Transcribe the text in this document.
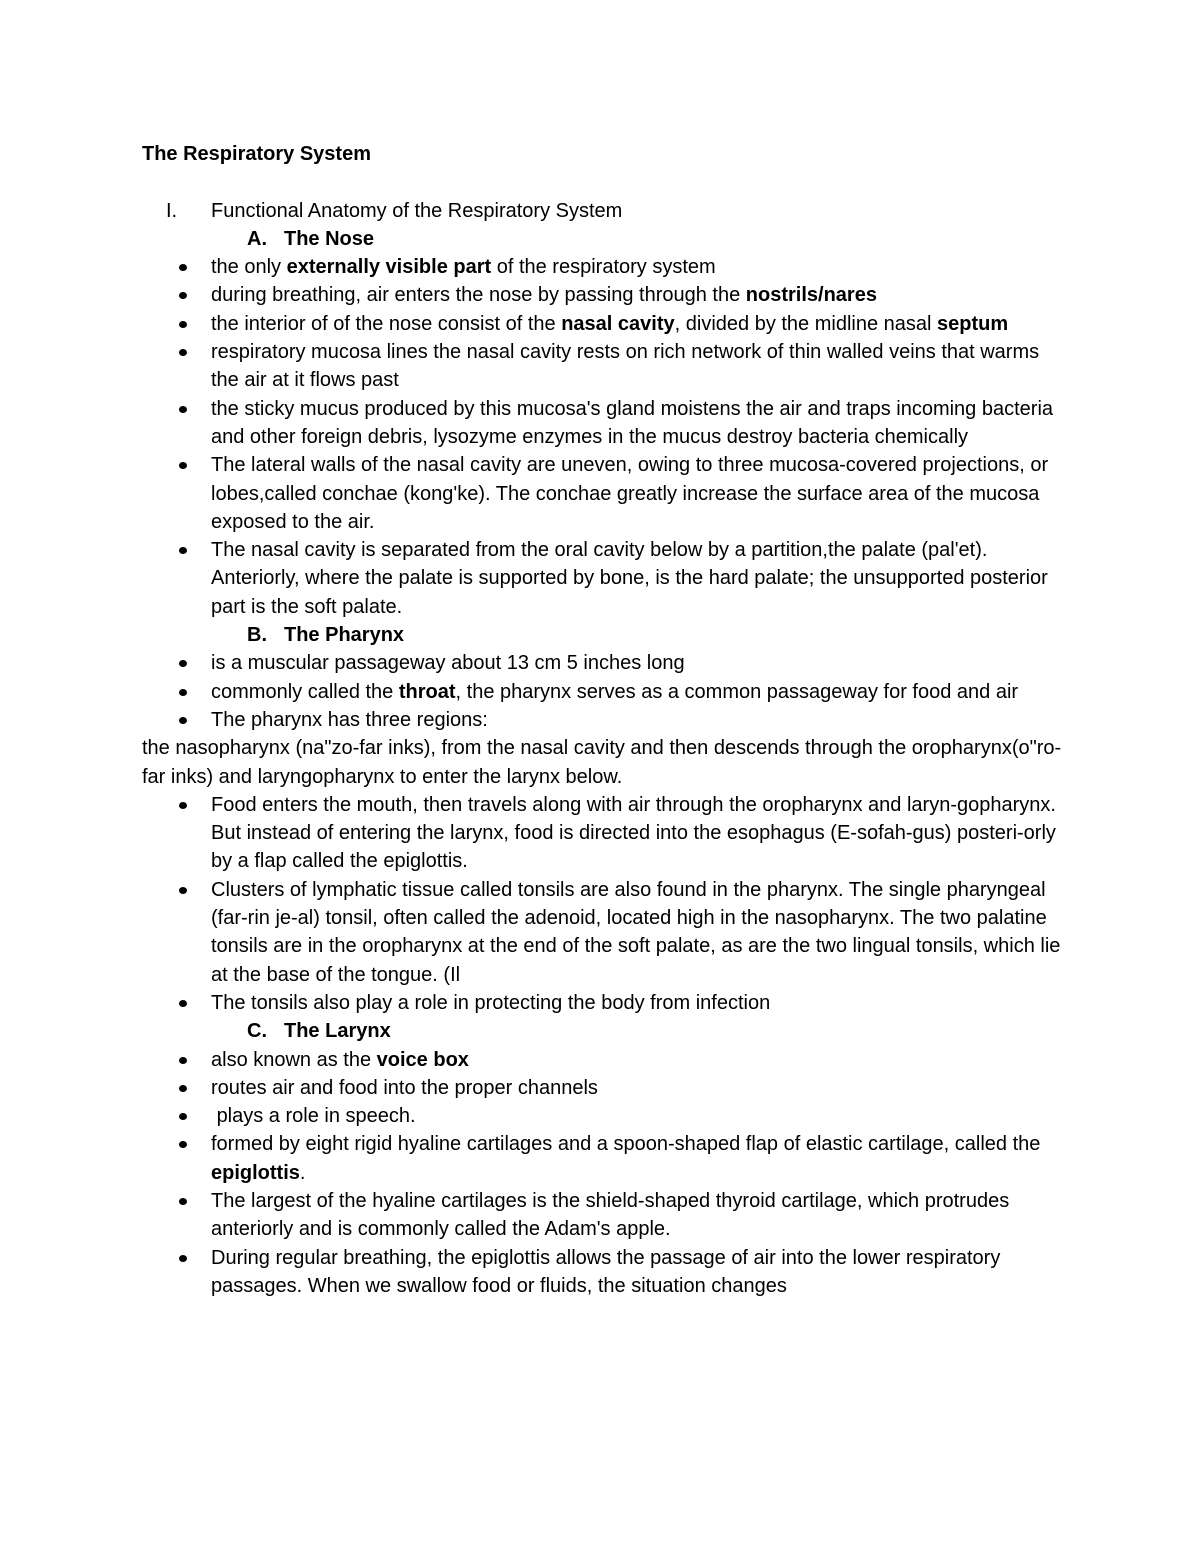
The Respiratory System

I. Functional Anatomy of the Respiratory System
A. The Nose
the only externally visible part of the respiratory system
during breathing, air enters the nose by passing through the nostrils/nares
the interior of of the nose consist of the nasal cavity, divided by the midline nasal septum
respiratory mucosa lines the nasal cavity rests on rich network of thin walled veins that warms the air at it flows past
the sticky mucus produced by this mucosa's gland moistens the air and traps incoming bacteria and other foreign debris, lysozyme enzymes in the mucus destroy bacteria chemically
The lateral walls of the nasal cavity are uneven, owing to three mucosa-covered projections, or lobes,called conchae (kong'ke). The conchae greatly increase the surface area of the mucosa exposed to the air.
The nasal cavity is separated from the oral cavity below by a partition,the palate (pal'et). Anteriorly, where the palate is supported by bone, is the hard palate; the unsupported posterior part is the soft palate.
B. The Pharynx
is a muscular passageway about 13 cm 5 inches long
commonly called the throat, the pharynx serves as a common passageway for food and air
The pharynx has three regions:

the nasopharynx (na"zo-far inks), from the nasal cavity and then descends through the oropharynx(o"ro-far inks) and laryngopharynx to enter the larynx below.

Food enters the mouth, then travels along with air through the oropharynx and laryn-gopharynx. But instead of entering the larynx, food is directed into the esophagus (E-sofah-gus) posteri-orly by a flap called the epiglottis.
Clusters of lymphatic tissue called tonsils are also found in the pharynx. The single pharyngeal (far-rin je-al) tonsil, often called the adenoid, located high in the nasopharynx. The two palatine tonsils are in the oropharynx at the end of the soft palate, as are the two lingual tonsils, which lie at the base of the tongue. (Il
The tonsils also play a role in protecting the body from infection
C. The Larynx
also known as the voice box
routes air and food into the proper channels
plays a role in speech.
formed by eight rigid hyaline cartilages and a spoon-shaped flap of elastic cartilage, called the epiglottis.
The largest of the hyaline cartilages is the shield-shaped thyroid cartilage, which protrudes anteriorly and is commonly called the Adam's apple.
During regular breathing, the epiglottis allows the passage of air into the lower respiratory passages. When we swallow food or fluids, the situation changes
